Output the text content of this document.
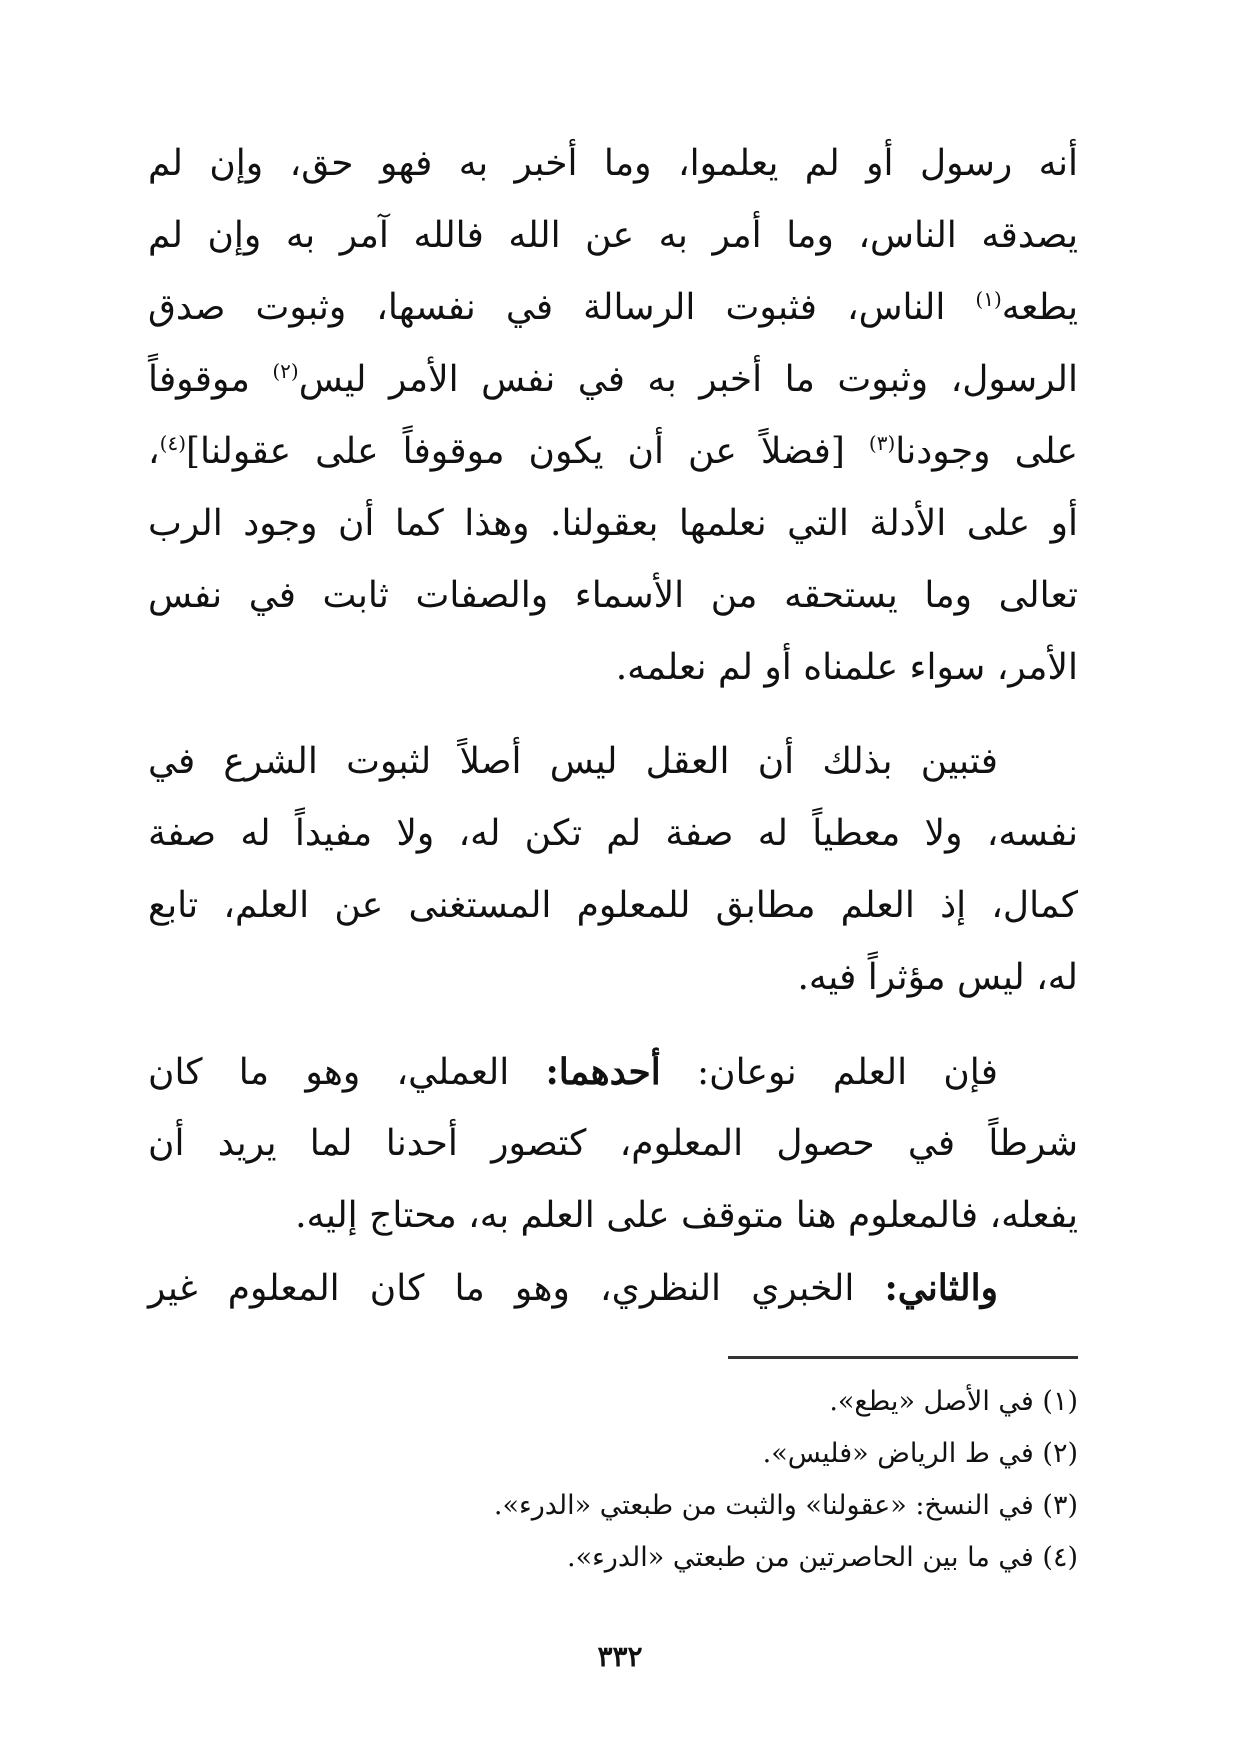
أنه رسول أو لم يعلموا، وما أخبر به فهو حق، وإن لم
يصدقه الناس، وما أمر به عن الله فالله آمر به وإن لم
يطعه$^{(١)}$ الناس، فثبوت الرسالة في نفسها، وثبوت صدق
الرسول، وثبوت ما أخبر به في نفس الأمر ليس$^{(٢)}$ موقوفاً
على وجودنا$^{(٣)}$ [فضلاً عن أن يكون موقوفاً على عقولنا]$^{(٤)}$،
أو على الأدلة التي نعلمها بعقولنا. وهذا كما أن وجود الرب
تعالى وما يستحقه من الأسماء والصفات ثابت في نفس
الأمر، سواء علمناه أو لم نعلمه.
فتبين بذلك أن العقل ليس أصلاً لثبوت الشرع في
نفسه، ولا معطياً له صفة لم تكن له، ولا مفيداً له صفة
كمال، إذ العلم مطابق للمعلوم المستغنى عن العلم، تابع
له، ليس مؤثراً فيه.
فإن العلم نوعان: أحدهما: العملي، وهو ما كان
شرطاً في حصول المعلوم، كتصور أحدنا لما يريد أن
يفعله، فالمعلوم هنا متوقف على العلم به، محتاج إليه.
والثاني: الخبري النظري، وهو ما كان المعلوم غير
(١) في الأصل «يطع».
(٢) في ط الرياض «فليس».
(٣) في النسخ: «عقولنا» والثبت من طبعتي «الدرء».
(٤) في ما بين الحاصرتين من طبعتي «الدرء».
٣٣٢
